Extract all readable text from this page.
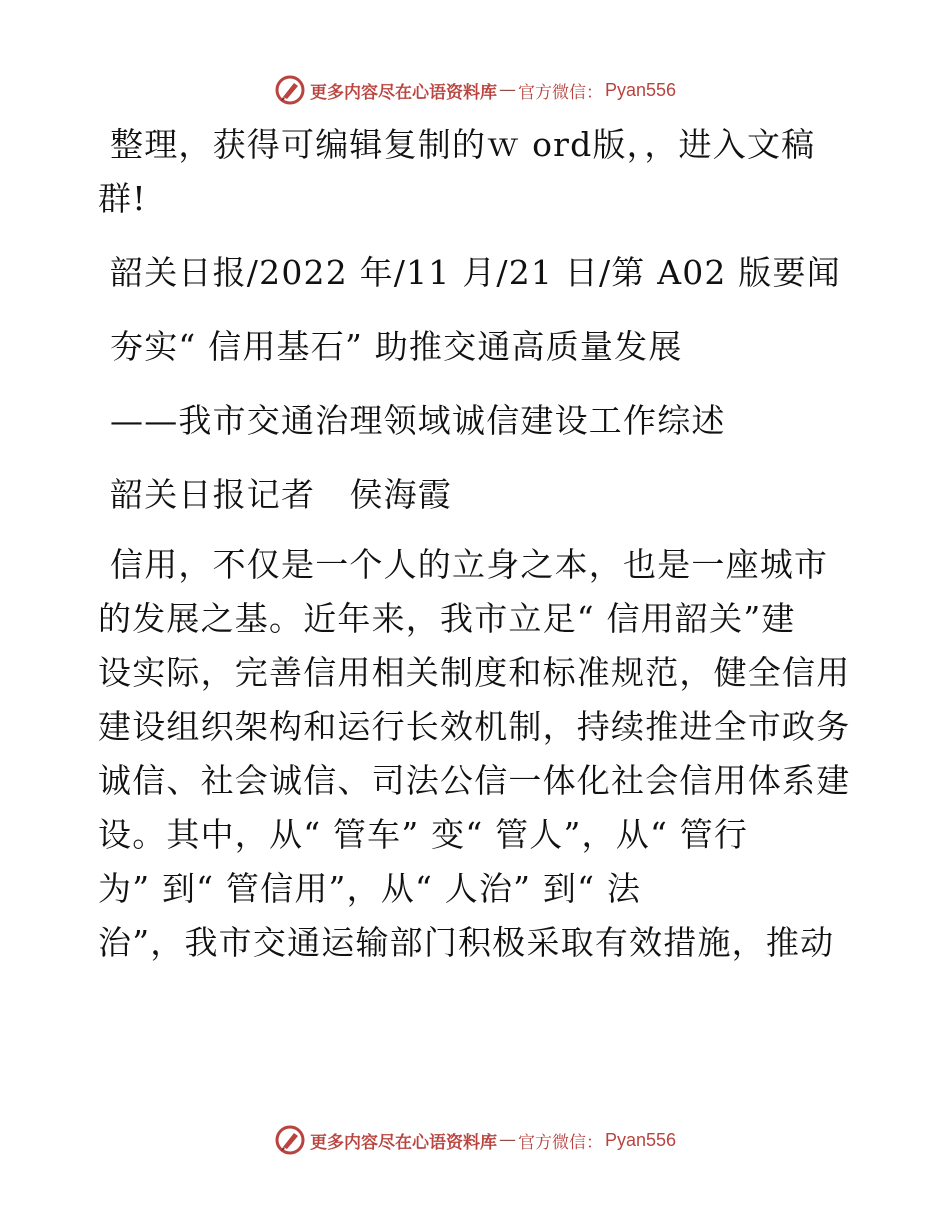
更多内容尽在心语资料库 — 官方微信： Pyan556

整理，获得可编辑复制的ｗ ord版，，进入文稿

群!

韶关日报/2022 年/11 月/21 日/第 A02 版要闻

夯实“ 信用基石” 助推交通高质量发展

——我市交通治理领域诚信建设工作综述

韶关日报记者　侯海霞

信用，不仅是一个人的立身之本，也是一座城市

的发展之基。近年来，我市立足“ 信用韶关”建

设实际，完善信用相关制度和标准规范，健全信用

建设组织架构和运行长效机制，持续推进全市政务

诚信、社会诚信、司法公信一体化社会信用体系建

设。其中，从“ 管车” 变“ 管人”，从“ 管行

为” 到“ 管信用”，从“ 人治” 到“ 法

治”，我市交通运输部门积极采取有效措施，推动

更多内容尽在心语资料库 — 官方微信： Pyan556
